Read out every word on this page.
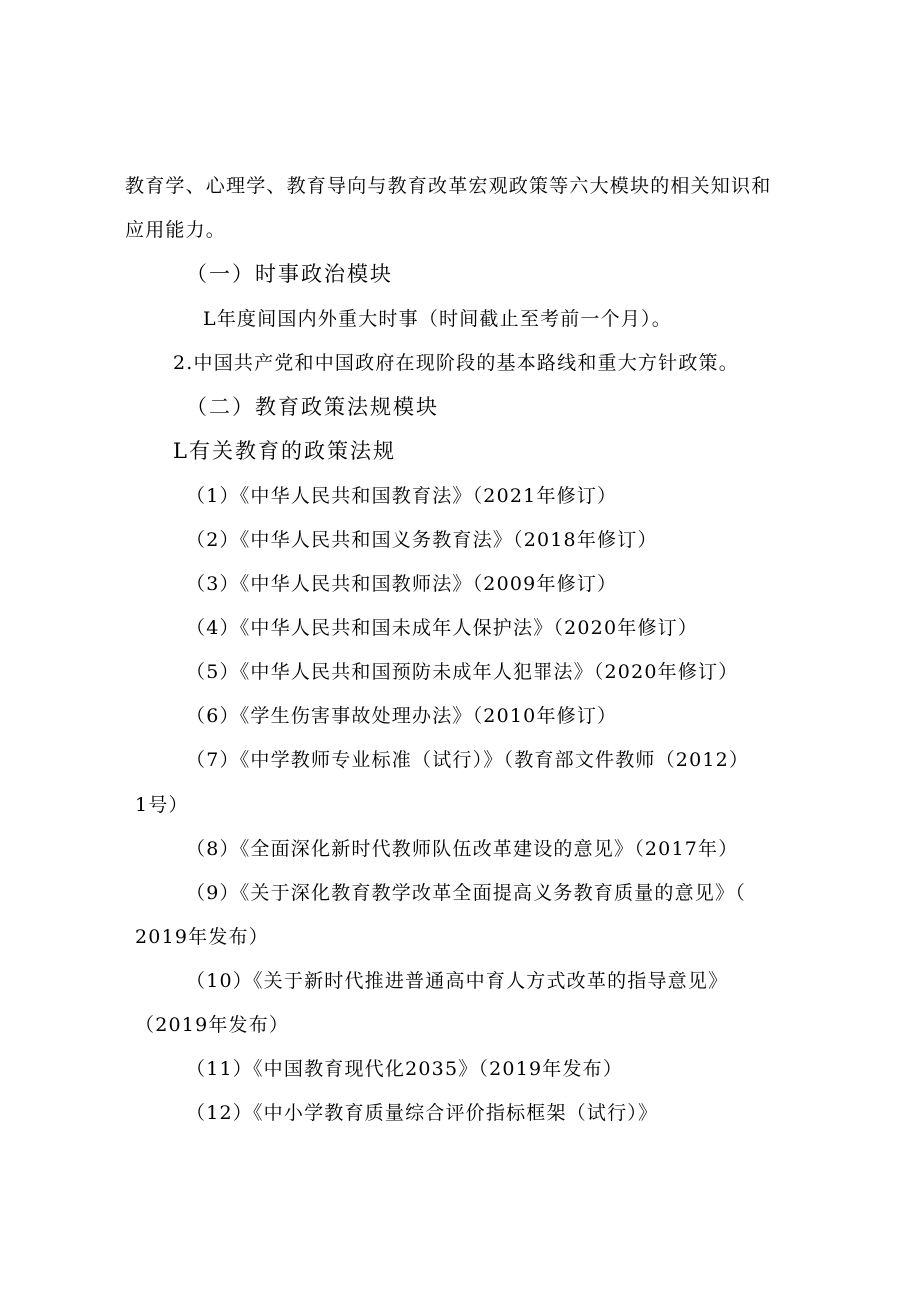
教育学、心理学、教育导向与教育改革宏观政策等六大模块的相关知识和
应用能力。
（一）时事政治模块
L年度间国内外重大时事（时间截止至考前一个月）。
2.中国共产党和中国政府在现阶段的基本路线和重大方针政策。
（二）教育政策法规模块
L有关教育的政策法规
（1）《中华人民共和国教育法》（2021年修订）
（2）《中华人民共和国义务教育法》（2018年修订）
（3）《中华人民共和国教师法》（2009年修订）
（4）《中华人民共和国未成年人保护法》（2020年修订）
（5）《中华人民共和国预防未成年人犯罪法》（2020年修订）
（6）《学生伤害事故处理办法》（2010年修订）
（7）《中学教师专业标准（试行）》（教育部文件教师（2012）
1号）
（8）《全面深化新时代教师队伍改革建设的意见》（2017年）
（9）《关于深化教育教学改革全面提高义务教育质量的意见》（
2019年发布）
（10）《关于新时代推进普通高中育人方式改革的指导意见》
（2019年发布）
（11）《中国教育现代化2035》（2019年发布）
（12）《中小学教育质量综合评价指标框架（试行）》
